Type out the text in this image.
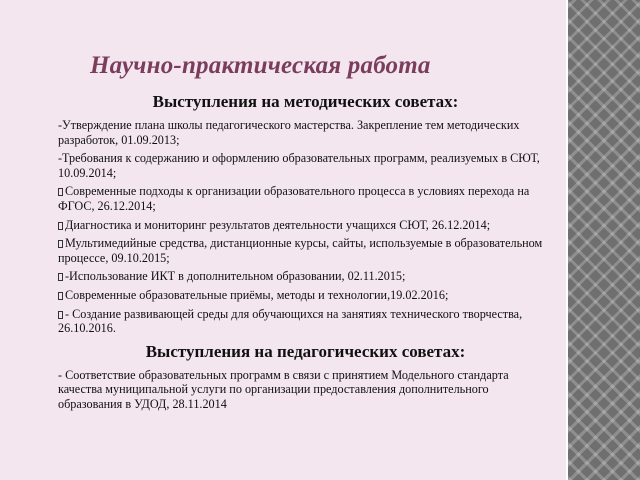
Научно-практическая работа
Выступления на методических советах:
-Утверждение плана школы педагогического мастерства. Закрепление тем методических разработок, 01.09.2013;
-Требования к содержанию и оформлению образовательных программ, реализуемых в СЮТ, 10.09.2014;
Современные подходы к организации образовательного процесса в условиях перехода на ФГОС, 26.12.2014;
Диагностика и мониторинг результатов деятельности учащихся СЮТ, 26.12.2014;
Мультимедийные средства, дистанционные курсы, сайты, используемые в образовательном процессе, 09.10.2015;
-Использование ИКТ в дополнительном образовании, 02.11.2015;
Современные образовательные приёмы, методы и технологии,19.02.2016;
- Создание развивающей среды для обучающихся на занятиях технического творчества, 26.10.2016.
Выступления на педагогических советах:
- Соответствие образовательных программ в связи с принятием Модельного стандарта качества муниципальной услуги по организации предоставления дополнительного образования в УДОД, 28.11.2014
